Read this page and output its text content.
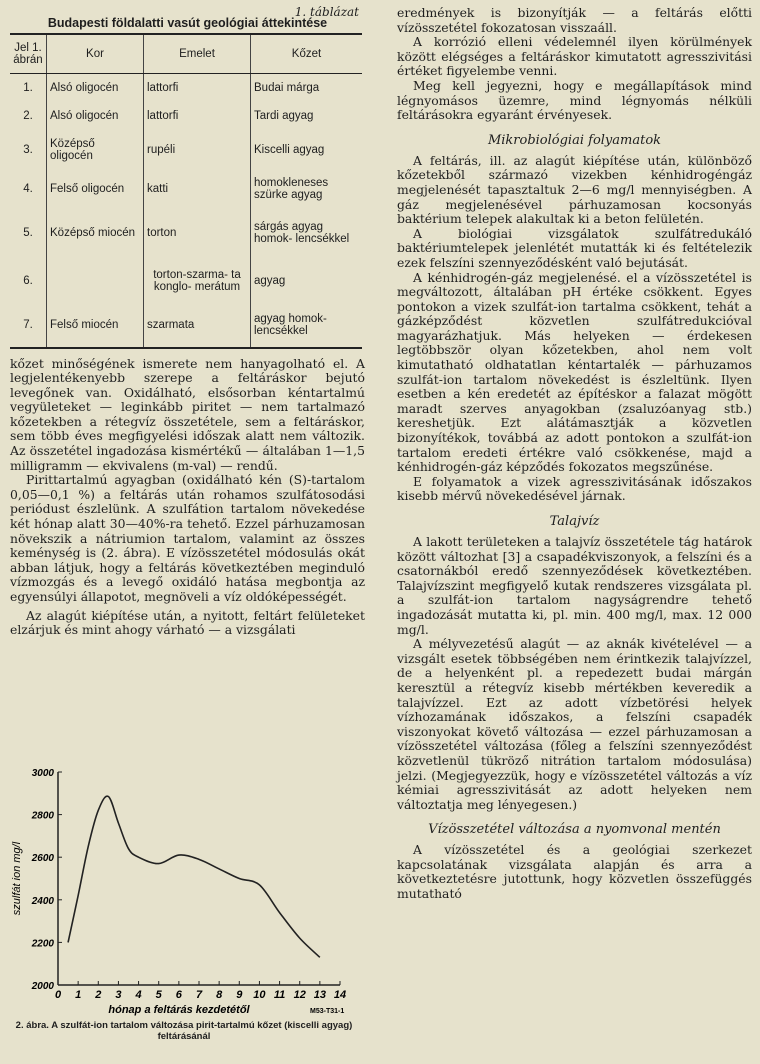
1. táblázat
Budapesti földalatti vasút geológiai áttekintése
Jel 1. ábrán	Kor	Emelet	Kőzet
1.	Alsó oligocén	lattorfi	Budai márga
2.	Alsó oligocén	lattorfi	Tardi agyag
3.	Középső oligocén	rupéli	Kiscelli agyag
4.	Felső oligocén	katti	homokleneses szürke agyag
5.	Középső miocén	torton	sárgás agyag homok- lencsékkel
6.		torton-szarma- ta konglo- merátum	agyag
7.	Felső miocén	szarmata	agyag homok- lencsékkel

kőzet minőségének ismerete nem hanyagolható el. A legjelentékenyebb szerepe a feltáráskor bejutó levegőnek van. Oxidálható, elsősorban kéntartalmú vegyületeket — leginkább piritet — nem tartalmazó kőzetekben a rétegvíz összetétele, sem a feltáráskor, sem több éves megfigyelési időszak alatt nem változik. Az összetétel ingadozása kismértékű — általában 1—1,5 milligramm — ekvivalens (m-val) — rendű.

Pirittartalmú agyagban (oxidálható kén (S)-tartalom 0,05—0,1 %) a feltárás után rohamos szulfátosodási periódust észlelünk. A szulfátion tartalom növekedése két hónap alatt 30—40%-ra tehető. Ezzel párhuzamosan növekszik a nátriumion tartalom, valamint az összes keménység is (2. ábra). E vízösszetétel módosulás okát abban látjuk, hogy a feltárás következtében meginduló vízmozgás és a levegő oxidáló hatása megbontja az egyensúlyi állapotot, megnöveli a víz oldóképességét.

Az alagút kiépítése után, a nyitott, feltárt felületeket elzárjuk és mint ahogy várható — a vizsgálati

0 1 2 3 4 5 6 7 8 9 10 11 12 13 14
2000
2200
2400
2600
2800
3000
szulfát ion mg/l
hónap a feltárás kezdetétől	M53-T31-1
2. ábra. A szulfát-ion tartalom változása pirit-tartalmú kőzet (kiscelli agyag) feltárásánál

eredmények is bizonyítják — a feltárás előtti vízösszetétel fokozatosan visszaáll.

A korrózió elleni védelemnél ilyen körülmények között elégséges a feltáráskor kimutatott agresszivitási értéket figyelembe venni.

Meg kell jegyezni, hogy e megállapítások mind légnyomásos üzemre, mind légnyomás nélküli feltárásokra egyaránt érvényesek.

Mikrobiológiai folyamatok

A feltárás, ill. az alagút kiépítése után, különböző kőzetekből származó vizekben kénhidrogéngáz megjelenését tapasztaltuk 2—6 mg/l mennyiségben. A gáz megjelenésével párhuzamosan kocsonyás baktérium telepek alakultak ki a beton felületén.

A biológiai vizsgálatok szulfátredukáló baktériumtelepek jelenlétét mutatták ki és feltételezik ezek felszíni szennyeződésként való bejutását.

A kénhidrogén-gáz megjelenésé. el a vízösszetétel is megváltozott, általában pH értéke csökkent. Egyes pontokon a vizek szulfát-ion tartalma csökkent, tehát a gázképződést közvetlen szulfátredukcióval magyarázhatjuk. Más helyeken — érdekesen legtöbbször olyan kőzetekben, ahol nem volt kimutatható oldhatatlan kéntartalék — párhuzamos szulfát-ion tartalom növekedést is észleltünk. Ilyen esetben a kén eredetét az építéskor a falazat mögött maradt szerves anyagokban (zsaluzóanyag stb.) kereshetjük. Ezt alátámasztják a közvetlen bizonyítékok, továbbá az adott pontokon a szulfát-ion tartalom eredeti értékre való csökkenése, majd a kénhidrogén-gáz képződés fokozatos megszűnése.

E folyamatok a vizek agresszivitásának időszakos kisebb mérvű növekedésével járnak.

Talajvíz

A lakott területeken a talajvíz összetétele tág határok között változhat [3] a csapadékviszonyok, a felszíni és a csatornákból eredő szennyeződések következtében. Talajvízszint megfigyelő kutak rendszeres vizsgálata pl. a szulfát-ion tartalom nagyságrendre tehető ingadozását mutatta ki, pl. min. 400 mg/l, max. 12 000 mg/l.

A mélyvezetésű alagút — az aknák kivételével — a vizsgált esetek többségében nem érintkezik talajvízzel, de a helyenként pl. a repedezett budai márgán keresztül a rétegvíz kisebb mértékben keveredik a talajvízzel. Ezt az adott vízbetörési helyek vízhozamának időszakos, a felszíni csapadék viszonyokat követő változása — ezzel párhuzamosan a vízösszetétel változása (főleg a felszíni szennyeződést közvetlenül tükröző nitrátion tartalom módosulása) jelzi. (Megjegyezzük, hogy e vízösszetétel változás a víz kémiai agresszivitását az adott helyeken nem változtatja meg lényegesen.)

Vízösszetétel változása a nyomvonal mentén

A vízösszetétel és a geológiai szerkezet kapcsolatának vizsgálata alapján és arra a következtetésre jutottunk, hogy közvetlen összefüggés mutatható
